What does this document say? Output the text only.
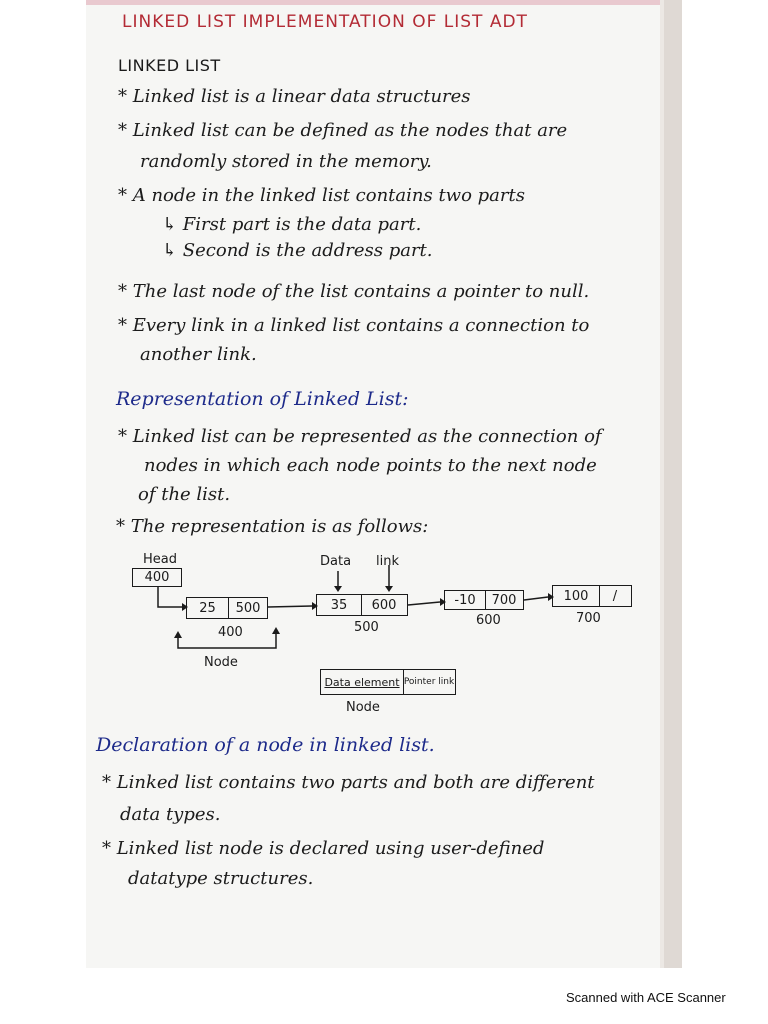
LINKED LIST IMPLEMENTATION OF LIST ADT
LINKED LIST
* Linked list is a linear data structures
* Linked list can be defined as the nodes that are
randomly stored in the memory.
* A node in the linked list contains two parts
↳ First part is the data part.
↳ Second is the address part.
* The last node of the list contains a pointer to null.
* Every link in a linked list contains a connection to
another link.
Representation of Linked List:
* Linked list can be represented as the connection of
nodes in which each node points to the next node
of the list.
* The representation is as follows:
Head
400
Data link
25	500
400
35	600
500
-10	700
600
100	/
700
Node
Data element Pointer link
Node
Declaration of a node in linked list.
* Linked list contains two parts and both are different
data types.
* Linked list node is declared using user-defined
datatype structures.
Scanned with ACE Scanner
